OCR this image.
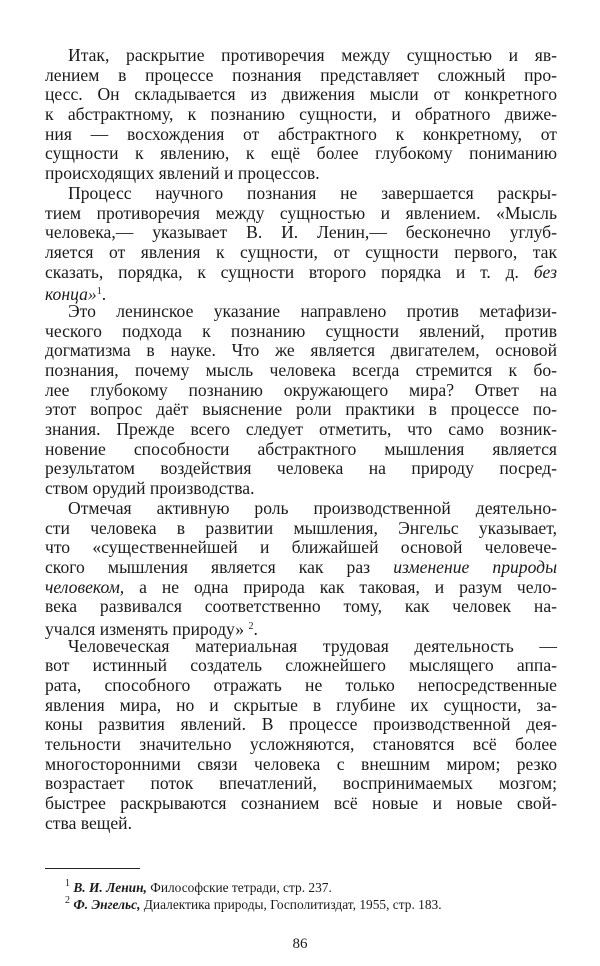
Итак, раскрытие противоречия между сущностью и яв-
лением в процессе познания представляет сложный про-
цесс. Он складывается из движения мысли от конкретного
к абстрактному, к познанию сущности, и обратного движе-
ния — восхождения от абстрактного к конкретному, от
сущности к явлению, к ещё более глубокому пониманию
происходящих явлений и процессов.
Процесс научного познания не завершается раскры-
тием противоречия между сущностью и явлением. «Мысль
человека,— указывает В. И. Ленин,— бесконечно углуб-
ляется от явления к сущности, от сущности первого, так
сказать, порядка, к сущности второго порядка и т. д. без
конца»$^1$.
Это ленинское указание направлено против метафизи-
ческого подхода к познанию сущности явлений, против
догматизма в науке. Что же является двигателем, основой
познания, почему мысль человека всегда стремится к бо-
лее глубокому познанию окружающего мира? Ответ на
этот вопрос даёт выяснение роли практики в процессе по-
знания. Прежде всего следует отметить, что само возник-
новение способности абстрактного мышления является
результатом воздействия человека на природу посред-
ством орудий производства.
Отмечая активную роль производственной деятельно-
сти человека в развитии мышления, Энгельс указывает,
что «существеннейшей и ближайшей основой человече-
ского мышления является как раз изменение природы
человеком, а не одна природа как таковая, и разум чело-
века развивался соответственно тому, как человек на-
учался изменять природу» $^2$.
Человеческая материальная трудовая деятельность —
вот истинный создатель сложнейшего мыслящего аппа-
рата, способного отражать не только непосредственные
явления мира, но и скрытые в глубине их сущности, за-
коны развития явлений. В процессе производственной дея-
тельности значительно усложняются, становятся всё более
многосторонними связи человека с внешним миром; резко
возрастает поток впечатлений, воспринимаемых мозгом;
быстрее раскрываются сознанием всё новые и новые свой-
ства вещей.
$^1$ В. И. Ленин, Философские тетради, стр. 237.
$^2$ Ф. Энгельс, Диалектика природы, Госполитиздат, 1955, стр. 183.
86
